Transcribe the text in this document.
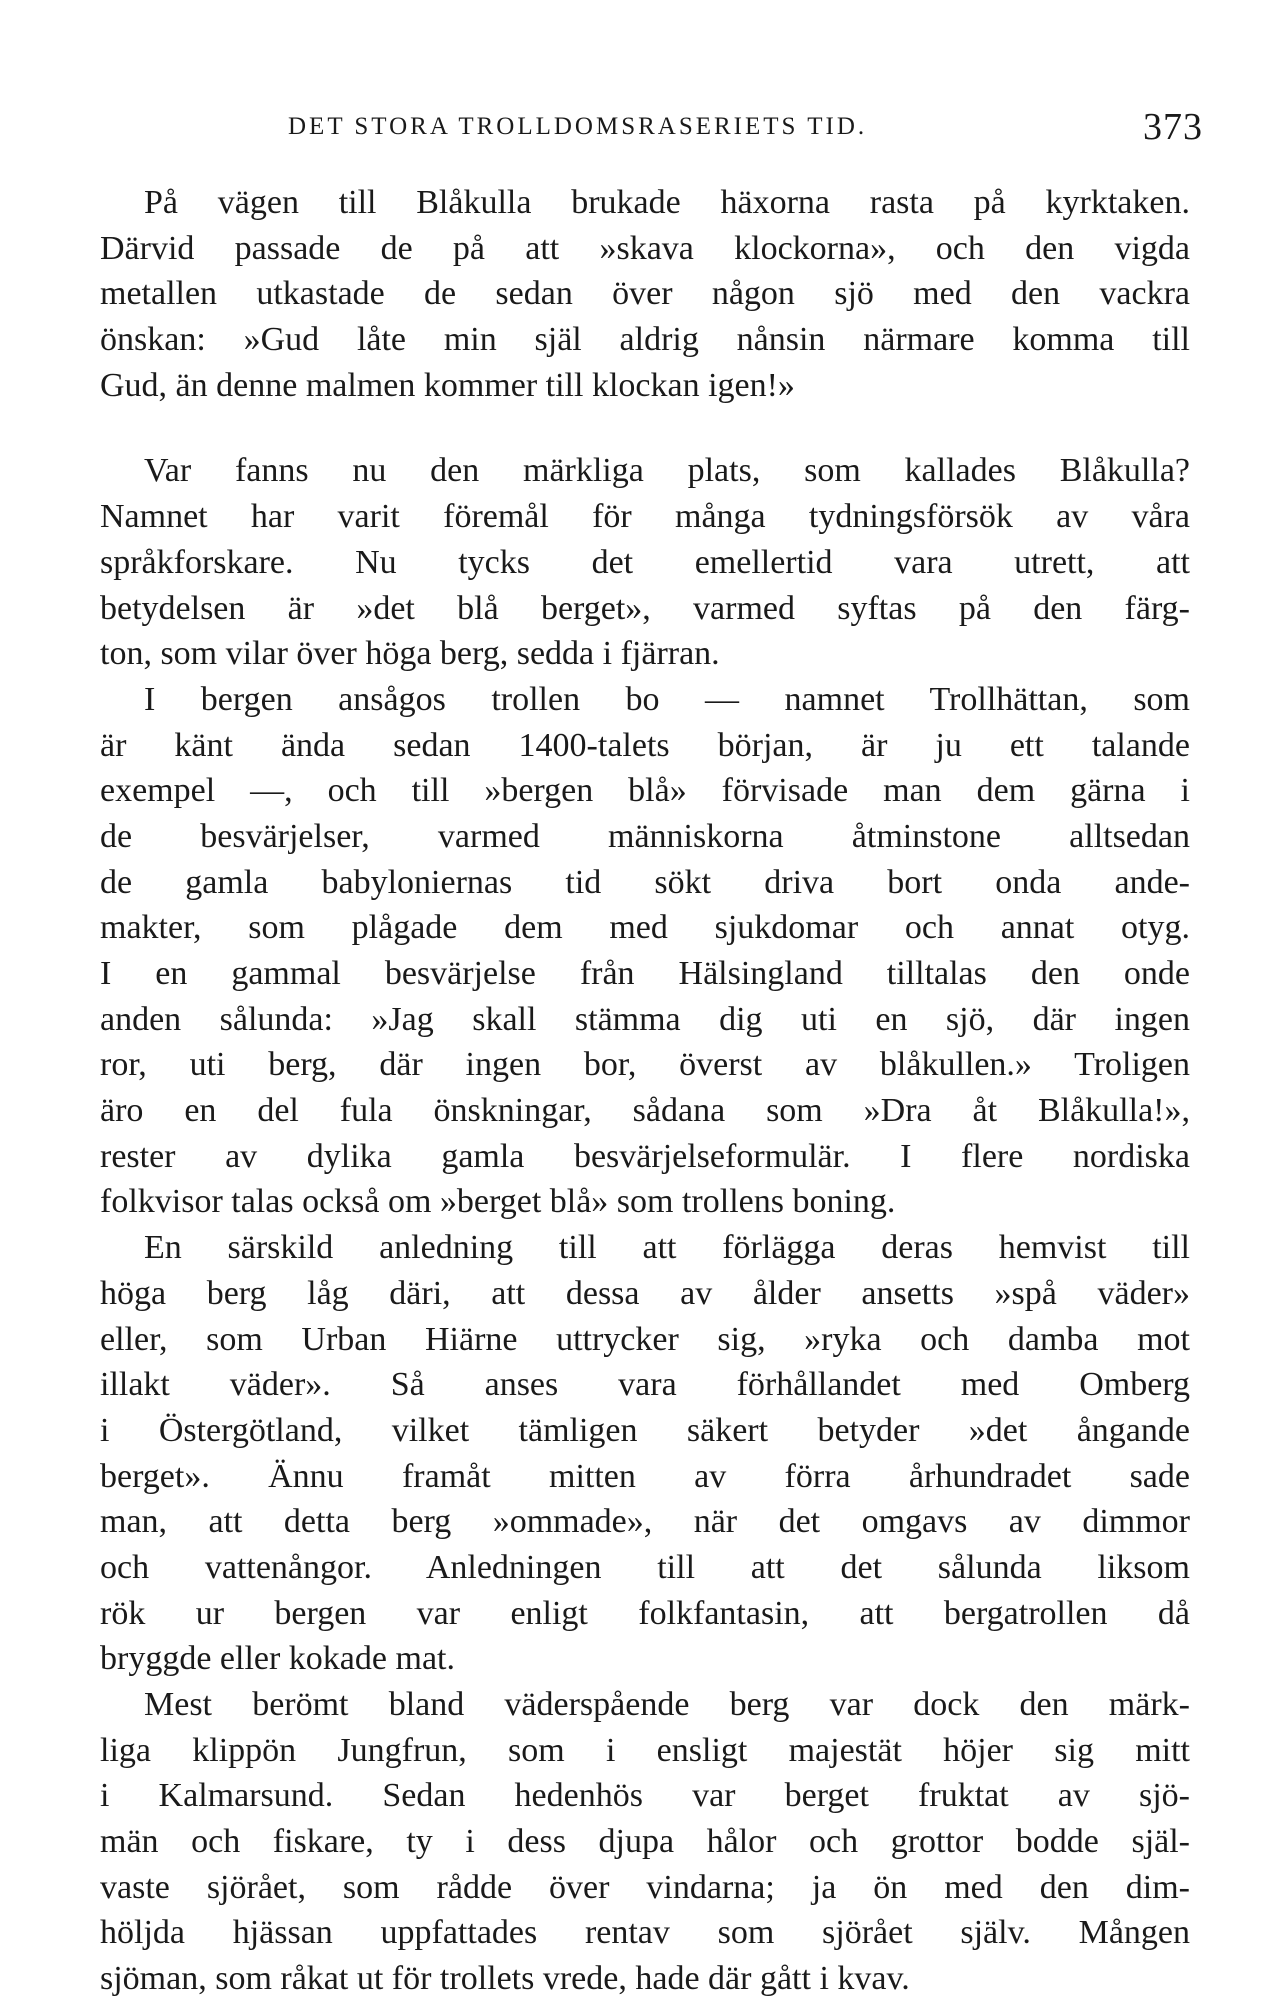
DET STORA TROLLDOMSRASERIETS TID.	373
På vägen till Blåkulla brukade häxorna rasta på kyrktaken.
Därvid passade de på att »skava klockorna», och den vigda
metallen utkastade de sedan över någon sjö med den vackra
önskan: »Gud låte min själ aldrig nånsin närmare komma till
Gud, än denne malmen kommer till klockan igen!»
Var fanns nu den märkliga plats, som kallades Blåkulla?
Namnet har varit föremål för många tydningsförsök av våra
språkforskare. Nu tycks det emellertid vara utrett, att
betydelsen är »det blå berget», varmed syftas på den färg-
ton, som vilar över höga berg, sedda i fjärran.
I bergen ansågos trollen bo — namnet Trollhättan, som
är känt ända sedan 1400-talets början, är ju ett talande
exempel —, och till »bergen blå» förvisade man dem gärna i
de besvärjelser, varmed människorna åtminstone alltsedan
de gamla babyloniernas tid sökt driva bort onda ande-
makter, som plågade dem med sjukdomar och annat otyg.
I en gammal besvärjelse från Hälsingland tilltalas den onde
anden sålunda: »Jag skall stämma dig uti en sjö, där ingen
ror, uti berg, där ingen bor, överst av blåkullen.» Troligen
äro en del fula önskningar, sådana som »Dra åt Blåkulla!»,
rester av dylika gamla besvärjelseformulär. I flere nordiska
folkvisor talas också om »berget blå» som trollens boning.
En särskild anledning till att förlägga deras hemvist till
höga berg låg däri, att dessa av ålder ansetts »spå väder»
eller, som Urban Hiärne uttrycker sig, »ryka och damba mot
illakt väder». Så anses vara förhållandet med Omberg
i Östergötland, vilket tämligen säkert betyder »det ångande
berget». Ännu framåt mitten av förra århundradet sade
man, att detta berg »ommade», när det omgavs av dimmor
och vattenångor. Anledningen till att det sålunda liksom
rök ur bergen var enligt folkfantasin, att bergatrollen då
bryggde eller kokade mat.
Mest berömt bland väderspående berg var dock den märk-
liga klippön Jungfrun, som i ensligt majestät höjer sig mitt
i Kalmarsund. Sedan hedenhös var berget fruktat av sjö-
män och fiskare, ty i dess djupa hålor och grottor bodde själ-
vaste sjörået, som rådde över vindarna; ja ön med den dim-
höljda hjässan uppfattades rentav som sjörået själv. Mången
sjöman, som råkat ut för trollets vrede, hade där gått i kvav.
